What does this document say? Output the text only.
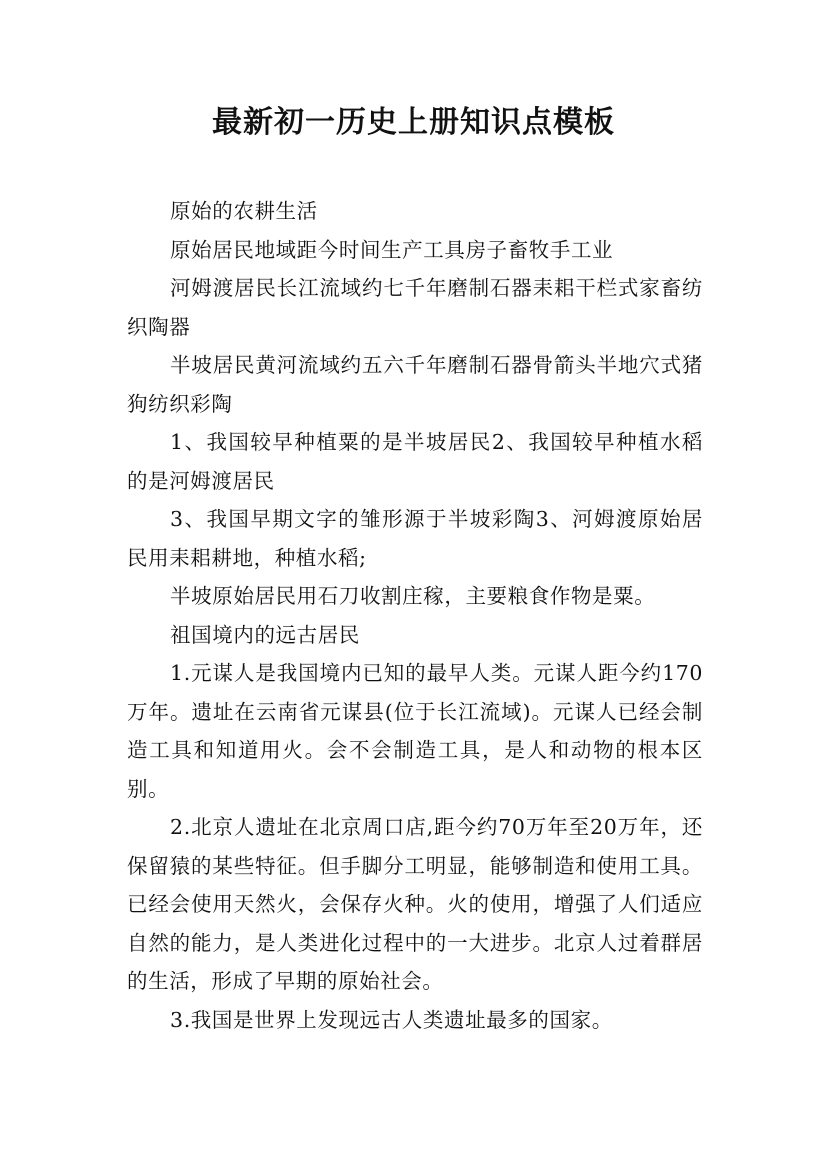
最新初一历史上册知识点模板

原始的农耕生活

原始居民地域距今时间生产工具房子畜牧手工业

河姆渡居民长江流域约七千年磨制石器耒耜干栏式家畜纺织陶器

半坡居民黄河流域约五六千年磨制石器骨箭头半地穴式猪狗纺织彩陶

1、我国较早种植粟的是半坡居民2、我国较早种植水稻的是河姆渡居民

3、我国早期文字的雏形源于半坡彩陶3、河姆渡原始居民用耒耜耕地，种植水稻;

半坡原始居民用石刀收割庄稼，主要粮食作物是粟。

祖国境内的远古居民

1.元谋人是我国境内已知的最早人类。元谋人距今约170万年。遗址在云南省元谋县(位于长江流域)。元谋人已经会制造工具和知道用火。会不会制造工具，是人和动物的根本区别。

2.北京人遗址在北京周口店,距今约70万年至20万年，还保留猿的某些特征。但手脚分工明显，能够制造和使用工具。已经会使用天然火，会保存火种。火的使用，增强了人们适应自然的能力，是人类进化过程中的一大进步。北京人过着群居的生活，形成了早期的原始社会。

3.我国是世界上发现远古人类遗址最多的国家。
